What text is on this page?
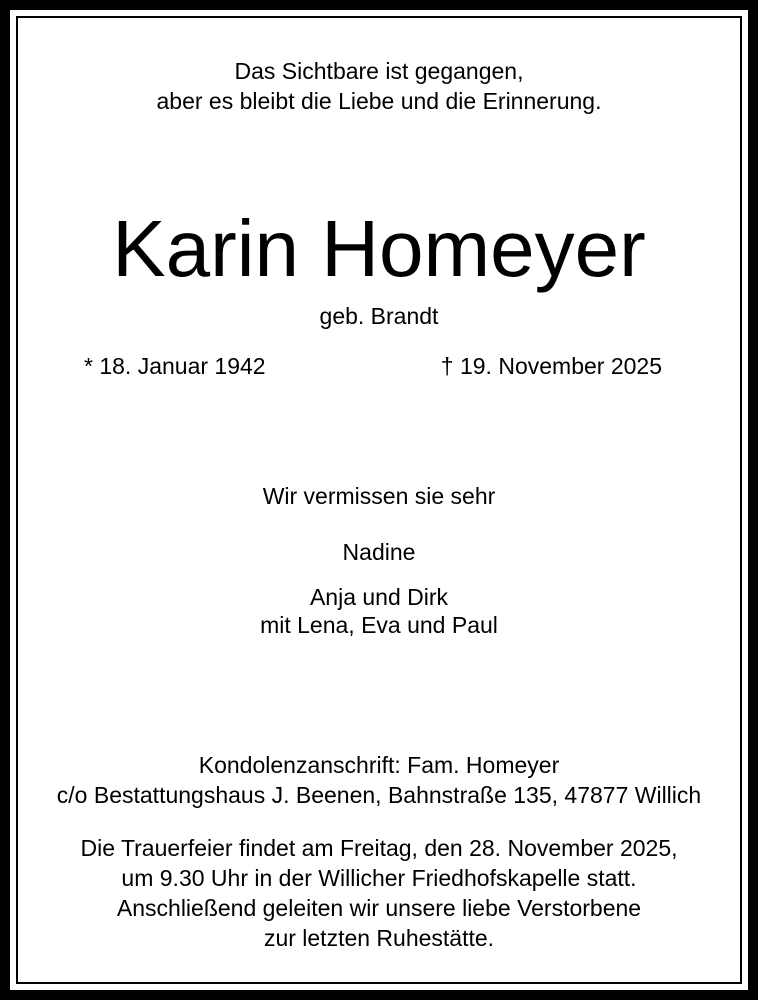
Das Sichtbare ist gegangen,
aber es bleibt die Liebe und die Erinnerung.
Karin Homeyer
geb. Brandt
* 18. Januar 1942	† 19. November 2025
Wir vermissen sie sehr
Nadine
Anja und Dirk
mit Lena, Eva und Paul
Kondolenzanschrift: Fam. Homeyer
c/o Bestattungshaus J. Beenen, Bahnstraße 135, 47877 Willich
Die Trauerfeier findet am Freitag, den 28. November 2025,
um 9.30 Uhr in der Willicher Friedhofskapelle statt.
Anschließend geleiten wir unsere liebe Verstorbene
zur letzten Ruhestätte.
